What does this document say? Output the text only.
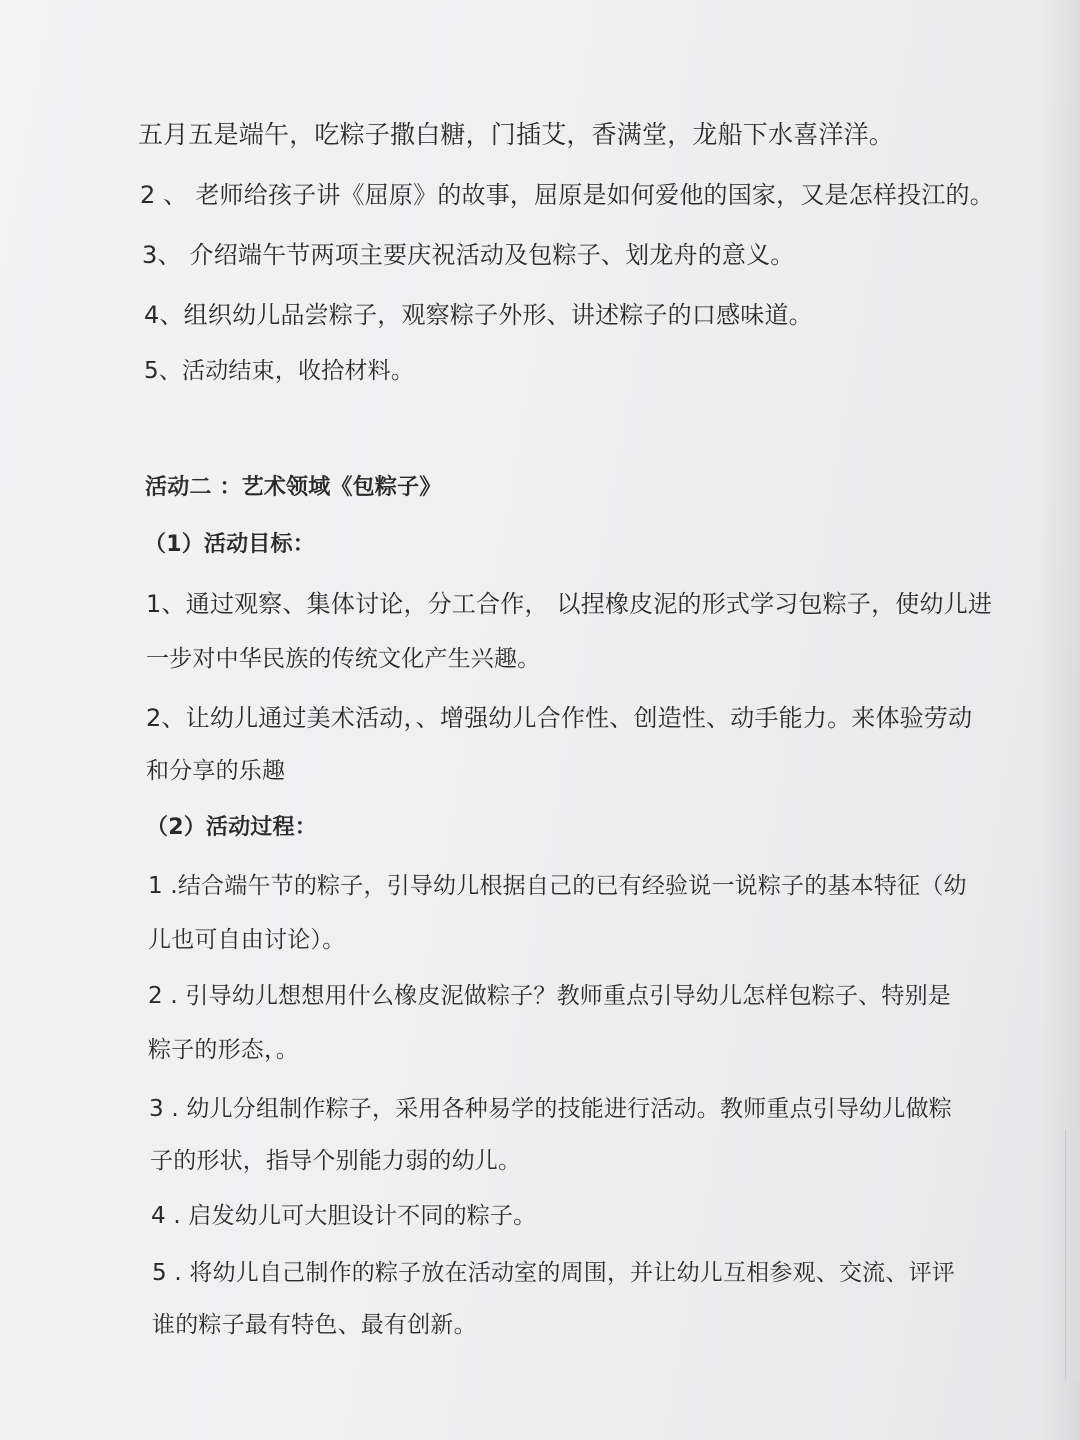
五月五是端午，吃粽子撒白糖，门插艾，香满堂，龙船下水喜洋洋。
2 、 老师给孩子讲《屈原》的故事，屈原是如何爱他的国家，又是怎样投江的。
3、 介绍端午节两项主要庆祝活动及包粽子、划龙舟的意义。
4、组织幼儿品尝粽子，观察粽子外形、讲述粽子的口感味道。
5、活动结束，收拾材料。
活动二 ：艺术领域《包粽子》
（1）活动目标：
1、通过观察、集体讨论，分工合作， 以捏橡皮泥的形式学习包粽子，使幼儿进
一步对中华民族的传统文化产生兴趣。
2、让幼儿通过美术活动，、增强幼儿合作性、创造性、动手能力。来体验劳动
和分享的乐趣
（2）活动过程：
1 .结合端午节的粽子，引导幼儿根据自己的已有经验说一说粽子的基本特征（幼
儿也可自由讨论）。
2 . 引导幼儿想想用什么橡皮泥做粽子？教师重点引导幼儿怎样包粽子、特别是
粽子的形态，。
3 . 幼儿分组制作粽子，采用各种易学的技能进行活动。教师重点引导幼儿做粽
子的形状，指导个别能力弱的幼儿。
4 . 启发幼儿可大胆设计不同的粽子。
5 . 将幼儿自己制作的粽子放在活动室的周围，并让幼儿互相参观、交流、评评
谁的粽子最有特色、最有创新。
